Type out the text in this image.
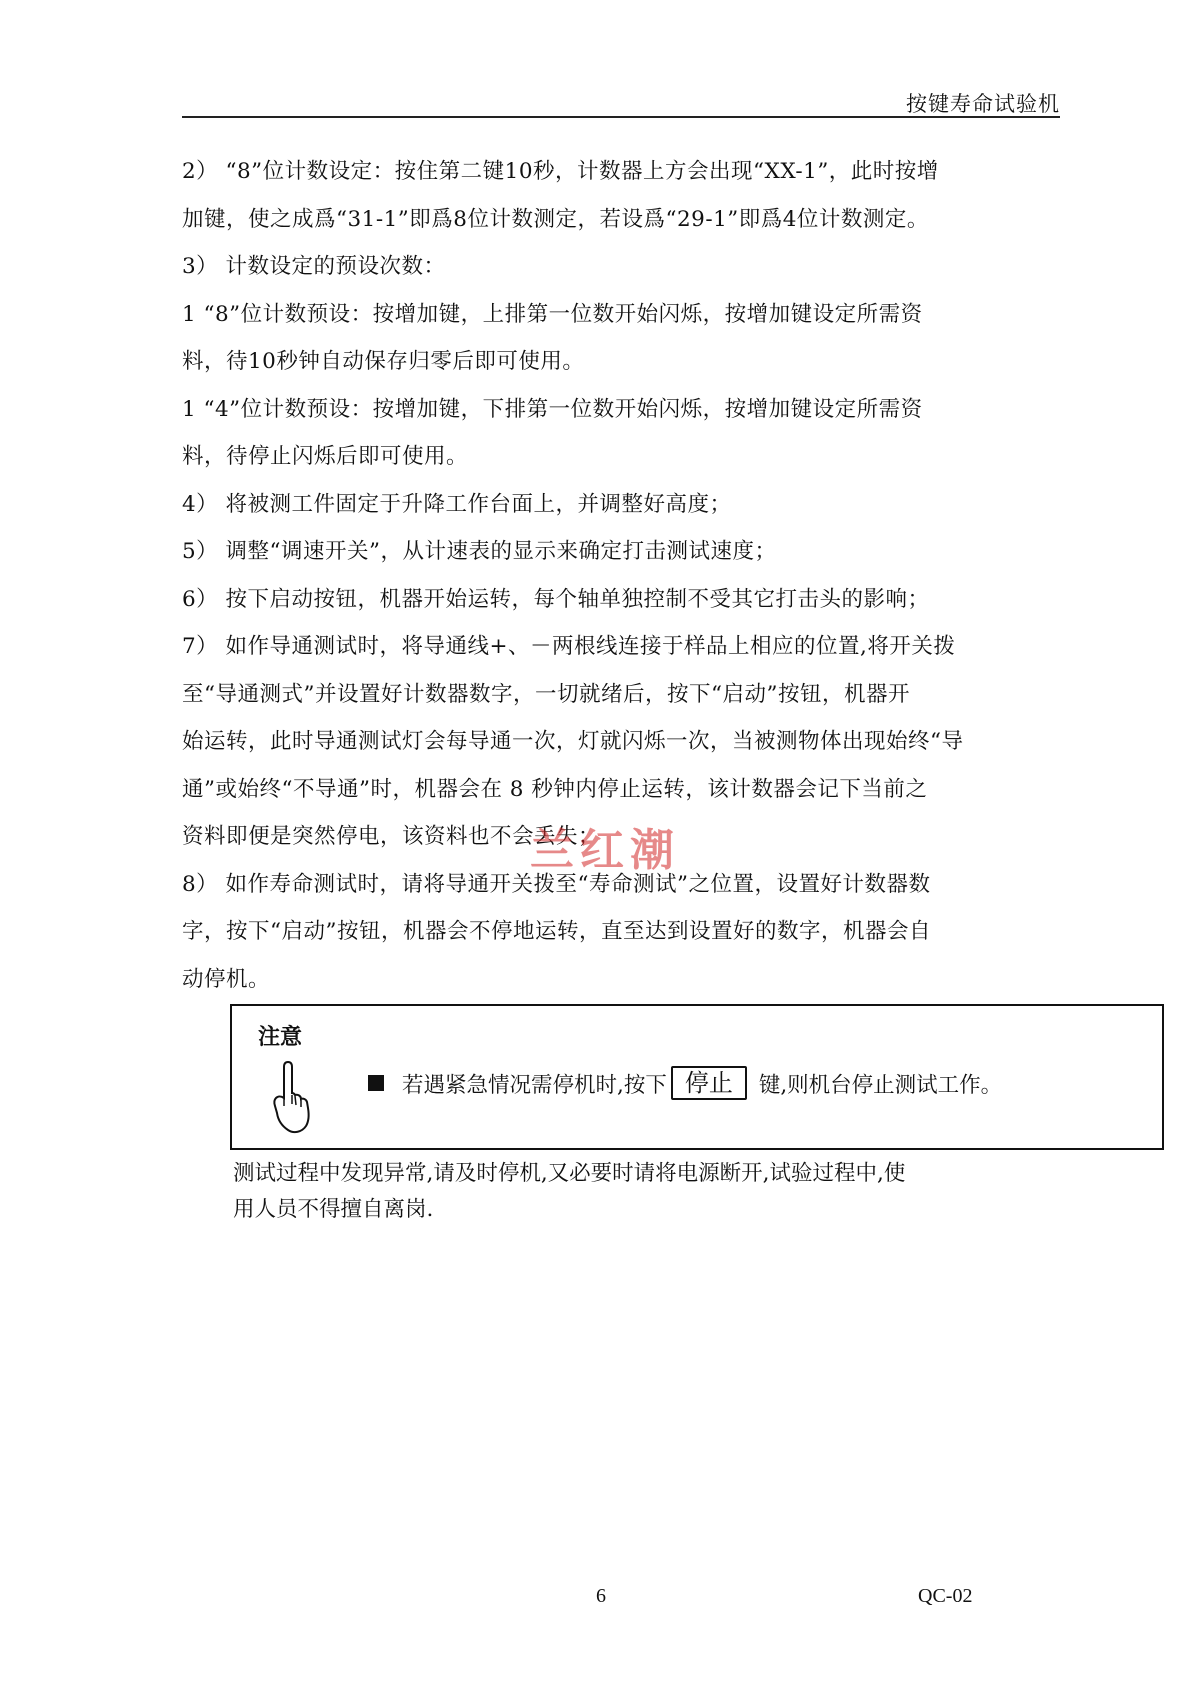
按键寿命试验机
2） “8”位计数设定：按住第二键10秒，计数器上方会出现“XX-1”，此时按增
加键，使之成爲“31-1”即爲8位计数测定，若设爲“29-1”即爲4位计数测定。
3） 计数设定的预设次数：
1 “8”位计数预设：按增加键，上排第一位数开始闪烁，按增加键设定所需资
料，待10秒钟自动保存归零后即可使用。
1 “4”位计数预设：按增加键，下排第一位数开始闪烁，按增加键设定所需资
料，待停止闪烁后即可使用。
4） 将被测工件固定于升降工作台面上，并调整好高度；
5） 调整“调速开关”，从计速表的显示来确定打击测试速度；
6） 按下启动按钮，机器开始运转，每个轴单独控制不受其它打击头的影响；
7） 如作导通测试时，将导通线+、－两根线连接于样品上相应的位置,将开关拨
至“导通测式”并设置好计数器数字，一切就绪后，按下“启动”按钮，机器开
始运转，此时导通测试灯会每导通一次，灯就闪烁一次，当被测物体出现始终“导
通”或始终“不导通”时，机器会在 8 秒钟内停止运转，该计数器会记下当前之
资料即便是突然停电，该资料也不会丢失；
8） 如作寿命测试时，请将导通开关拨至“寿命测试”之位置，设置好计数器数
字，按下“启动”按钮，机器会不停地运转，直至达到设置好的数字，机器会自
动停机。
兰红潮
注意
若遇紧急情况需停机时,按下 停止	键,则机台停止测试工作。
测试过程中发现异常,请及时停机,又必要时请将电源断开,试验过程中,使
用人员不得擅自离岗.
6	QC-02
